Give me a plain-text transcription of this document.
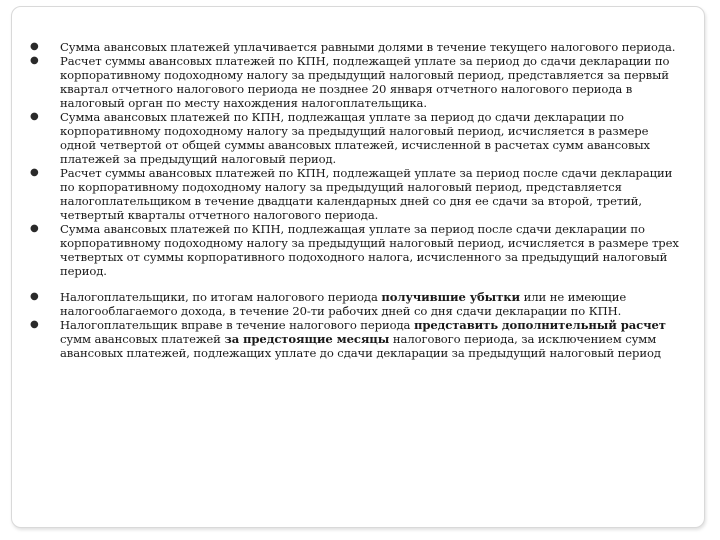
● Сумма авансовых платежей уплачивается равными долями в течение текущего налогового периода.
● Расчет суммы авансовых платежей по КПН, подлежащей уплате за период до сдачи декларации по корпоративному подоходному налогу за предыдущий налоговый период, представляется за первый квартал отчетного налогового периода не позднее 20 января отчетного налогового периода в налоговый орган по месту нахождения налогоплательщика.
● Сумма авансовых платежей по КПН, подлежащая уплате за период до сдачи декларации по корпоративному подоходному налогу за предыдущий налоговый период, исчисляется в размере одной четвертой от общей суммы авансовых платежей, исчисленной в расчетах сумм авансовых платежей за предыдущий налоговый период.
● Расчет суммы авансовых платежей по КПН, подлежащей уплате за период после сдачи декларации по корпоративному подоходному налогу за предыдущий налоговый период, представляется налогоплательщиком в течение двадцати календарных дней со дня ее сдачи за второй, третий, четвертый кварталы отчетного налогового периода.
● Сумма авансовых платежей по КПН, подлежащая уплате за период после сдачи декларации по корпоративному подоходному налогу за предыдущий налоговый период, исчисляется в размере трех четвертых от суммы корпоративного подоходного налога, исчисленного за предыдущий налоговый период.
● Налогоплательщики, по итогам налогового периода получившие убытки или не имеющие налогооблагаемого дохода, в течение 20-ти рабочих дней со дня сдачи декларации по КПН.
● Налогоплательщик вправе в течение налогового периода представить дополнительный расчет сумм авансовых платежей за предстоящие месяцы налогового периода, за исключением сумм авансовых платежей, подлежащих уплате до сдачи декларации за предыдущий налоговый период
